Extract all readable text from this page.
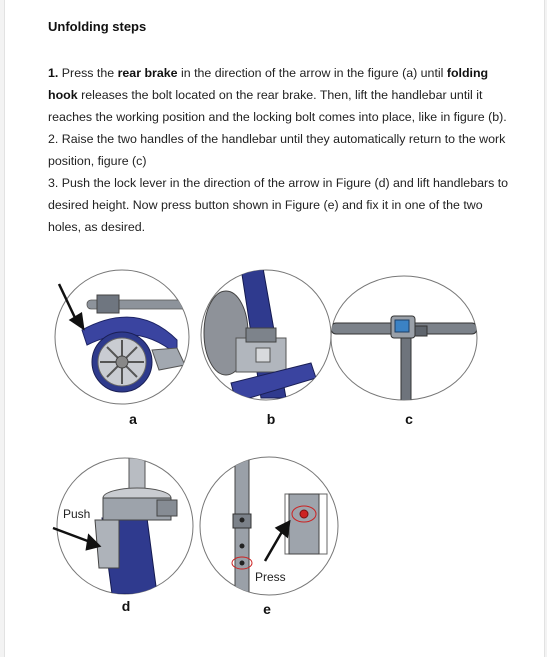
Unfolding steps

1. Press the rear brake in the direction of the arrow in the figure (a) until folding hook releases the bolt located on the rear brake. Then, lift the handlebar until it reaches the working position and the locking bolt comes into place, like in figure (b).

2. Raise the two handles of the handlebar until they automatically return to the work position, figure (c)

3. Push the lock lever in the direction of the arrow in Figure (d) and lift handlebars to desired height. Now press button shown in Figure (e) and fix it in one of the two holes, as desired.

a	b	c
Push
d
Press
e
